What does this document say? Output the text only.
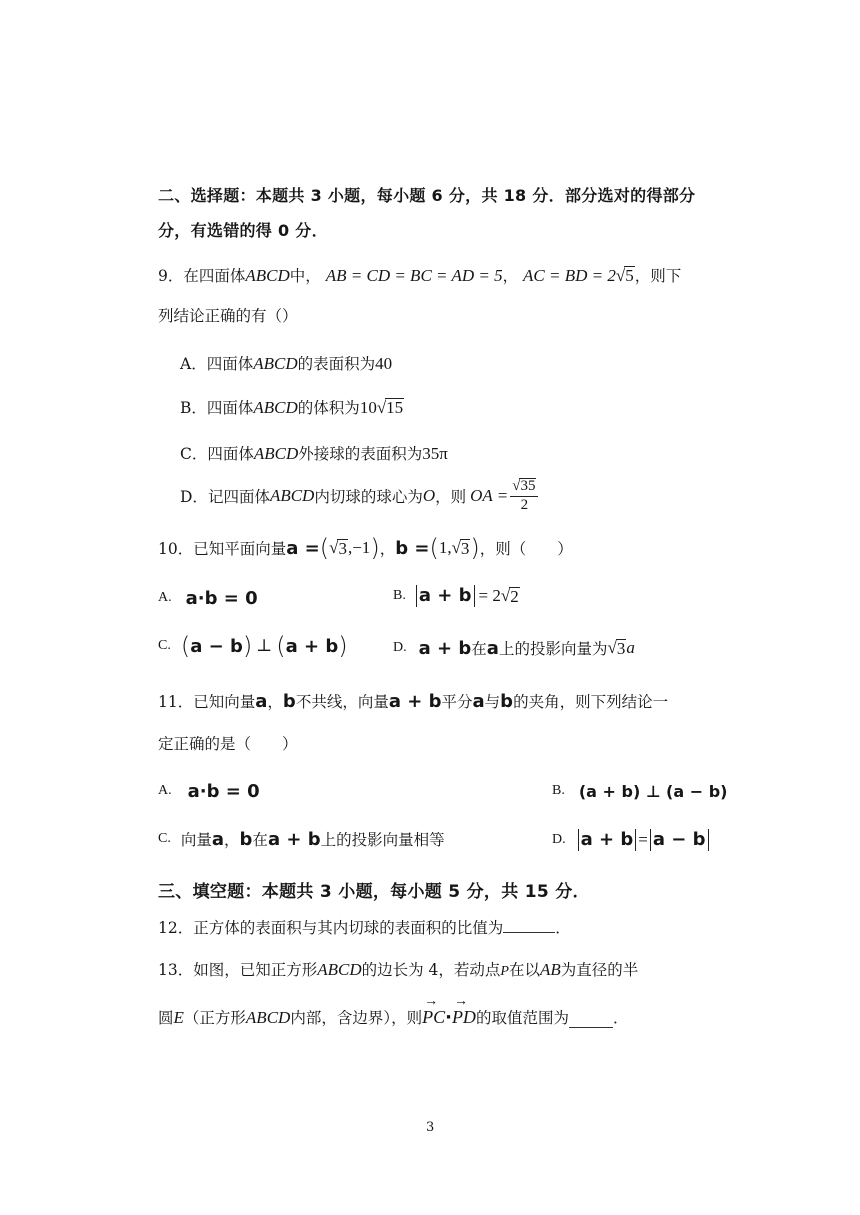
二、选择题：本题共 3 小题，每小题 6 分，共 18 分．部分选对的得部分
分，有选错的得 0 分．
9．在四面体ABCD中， AB = CD = BC = AD = 5， AC = BD = 2√5，则下
列结论正确的有（）
A．四面体ABCD的表面积为40
B．四面体ABCD的体积为10√15
C．四面体ABCD外接球的表面积为35π
D． 记四面体 ABCD 内切球的球心为 O ，则 OA = $\frac{√35}{2}$
10． 已知平面向量 a = ( √ 3 ,−1 ) ， b = ( 1, √ 3 ) ，则（　　）
A. a·b = 0	B. a + b = 2 √ 2
C. ( a − b ) ⊥ ( a + b )	D. a + b 在 a 上的投影向量为 √ 3 a
11． 已知向量 a ， b 不共线，向量 a + b 平分 a 与 b 的夹角，则下列结论一
定正确的是（　　）
A. a·b = 0	B. (a + b) ⊥ (a − b)
C. 向量 a ， b 在 a + b 上的投影向量相等	D. a + b = a − b
三、填空题：本题共 3 小题，每小题 5 分，共 15 分．
12．正方体的表面积与其内切球的表面积的比值为	．
13．如图，已知正方形ABCD的边长为 4，若动点P在以AB为直径的半
圆 E （正方形 ABCD 内部，含边界），则 → PC · → PD 的取值范围为	．
3
